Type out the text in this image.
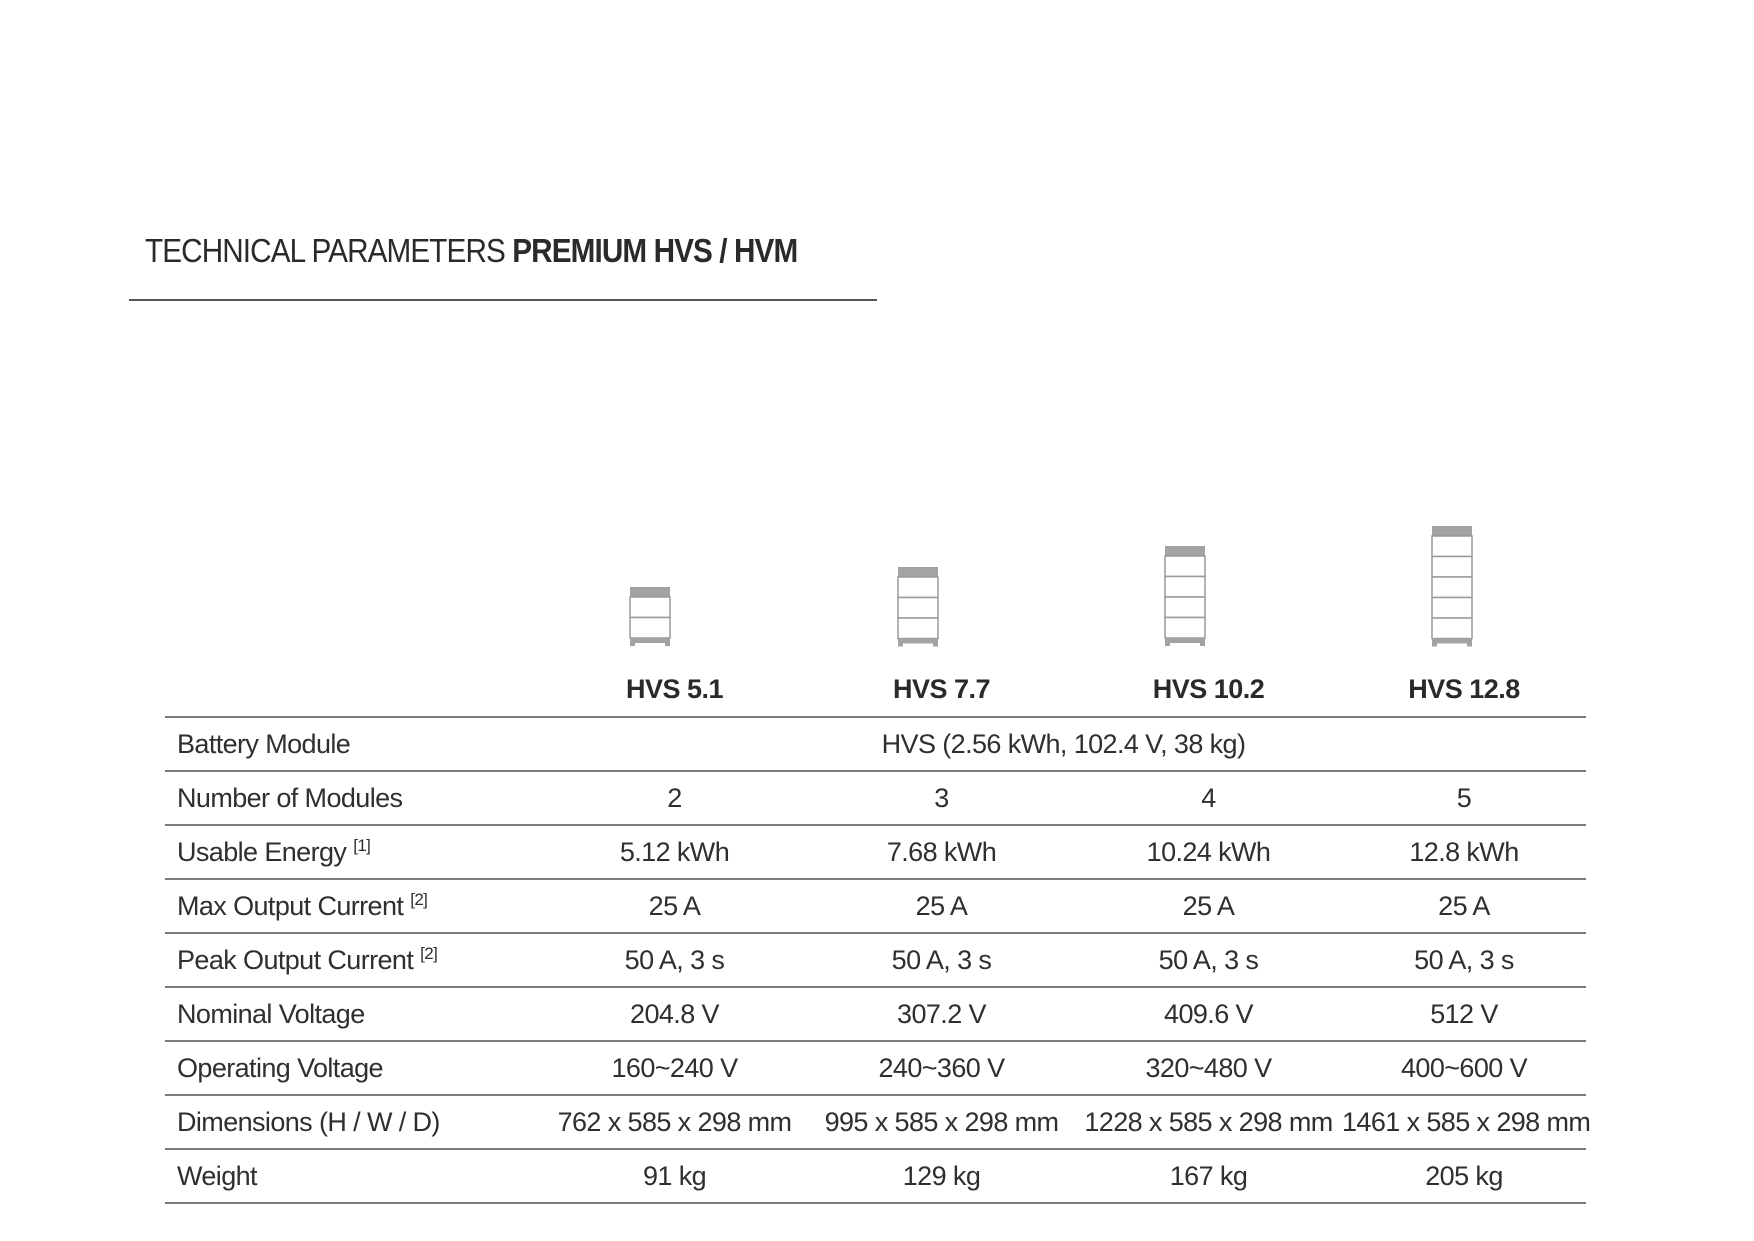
TECHNICAL PARAMETERS PREMIUM HVS / HVM
	HVS 5.1	HVS 7.7	HVS 10.2	HVS 12.8
Battery Module	HVS (2.56 kWh, 102.4 V, 38 kg)			
Number of Modules	2	3	4	5
Usable Energy [1]	5.12 kWh	7.68 kWh	10.24 kWh	12.8 kWh
Max Output Current [2]	25 A	25 A	25 A	25 A
Peak Output Current [2]	50 A, 3 s	50 A, 3 s	50 A, 3 s	50 A, 3 s
Nominal Voltage	204.8 V	307.2 V	409.6 V	512 V
Operating Voltage	160~240 V	240~360 V	320~480 V	400~600 V
Dimensions (H / W / D)	762 x 585 x 298 mm	995 x 585 x 298 mm	1228 x 585 x 298 mm	1461 x 585 x 298 mm
Weight	91 kg	129 kg	167 kg	205 kg
